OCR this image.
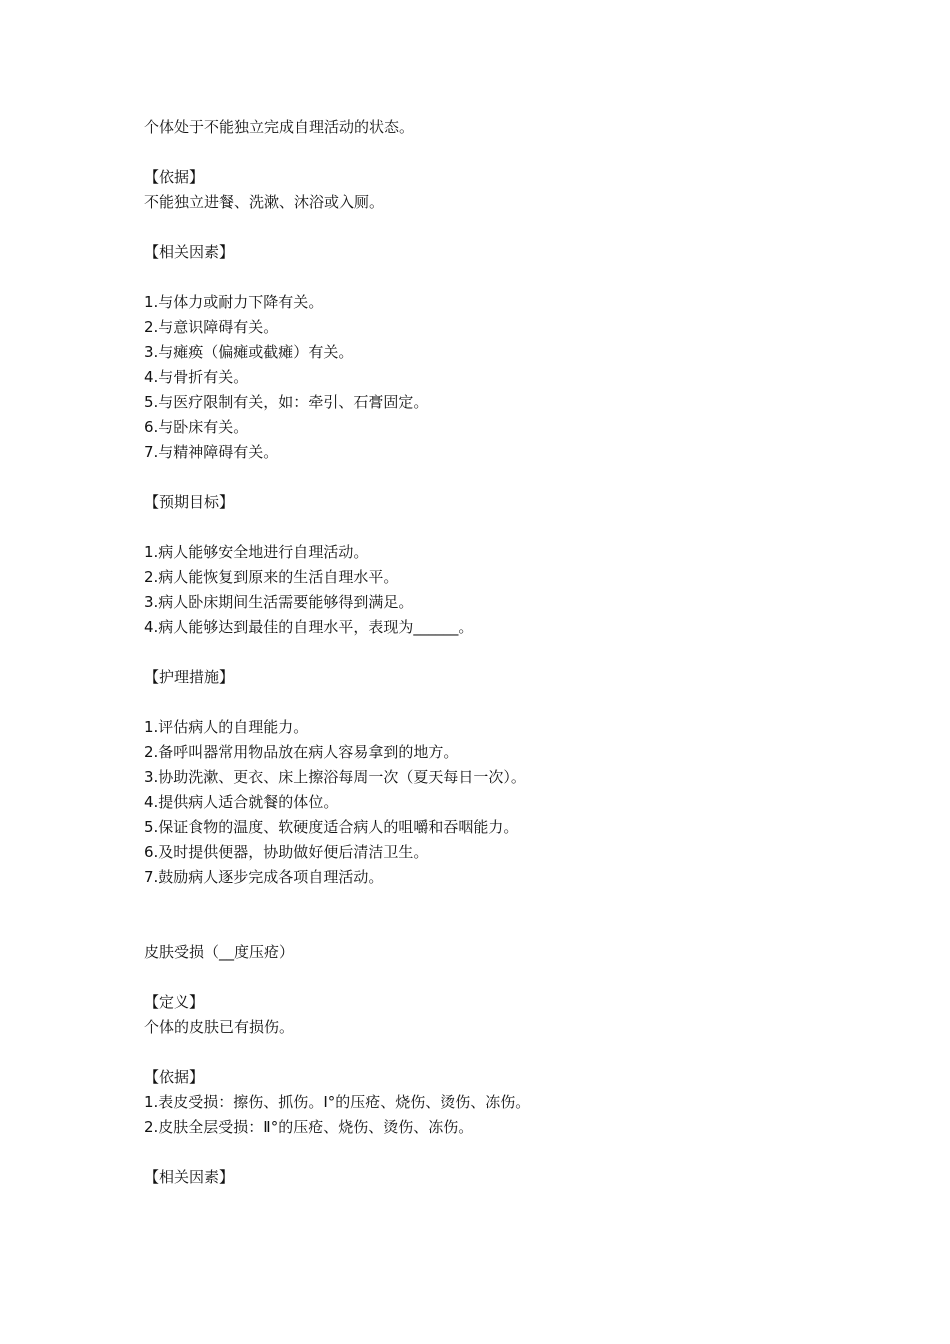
个体处于不能独立完成自理活动的状态。
【依据】
不能独立进餐、洗漱、沐浴或入厕。
【相关因素】
1.与体力或耐力下降有关。
2.与意识障碍有关。
3.与瘫痪（偏瘫或截瘫）有关。
4.与骨折有关。
5.与医疗限制有关，如：牵引、石膏固定。
6.与卧床有关。
7.与精神障碍有关。
【预期目标】
1.病人能够安全地进行自理活动。
2.病人能恢复到原来的生活自理水平。
3.病人卧床期间生活需要能够得到满足。
4.病人能够达到最佳的自理水平，表现为______。
【护理措施】
1.评估病人的自理能力。
2.备呼叫器常用物品放在病人容易拿到的地方。
3.协助洗漱、更衣、床上擦浴每周一次（夏天每日一次）。
4.提供病人适合就餐的体位。
5.保证食物的温度、软硬度适合病人的咀嚼和吞咽能力。
6.及时提供便器，协助做好便后清洁卫生。
7.鼓励病人逐步完成各项自理活动。
皮肤受损（__度压疮）
【定义】
个体的皮肤已有损伤。
【依据】
1.表皮受损：擦伤、抓伤。Ⅰ°的压疮、烧伤、烫伤、冻伤。
2.皮肤全层受损：Ⅱ°的压疮、烧伤、烫伤、冻伤。
【相关因素】
